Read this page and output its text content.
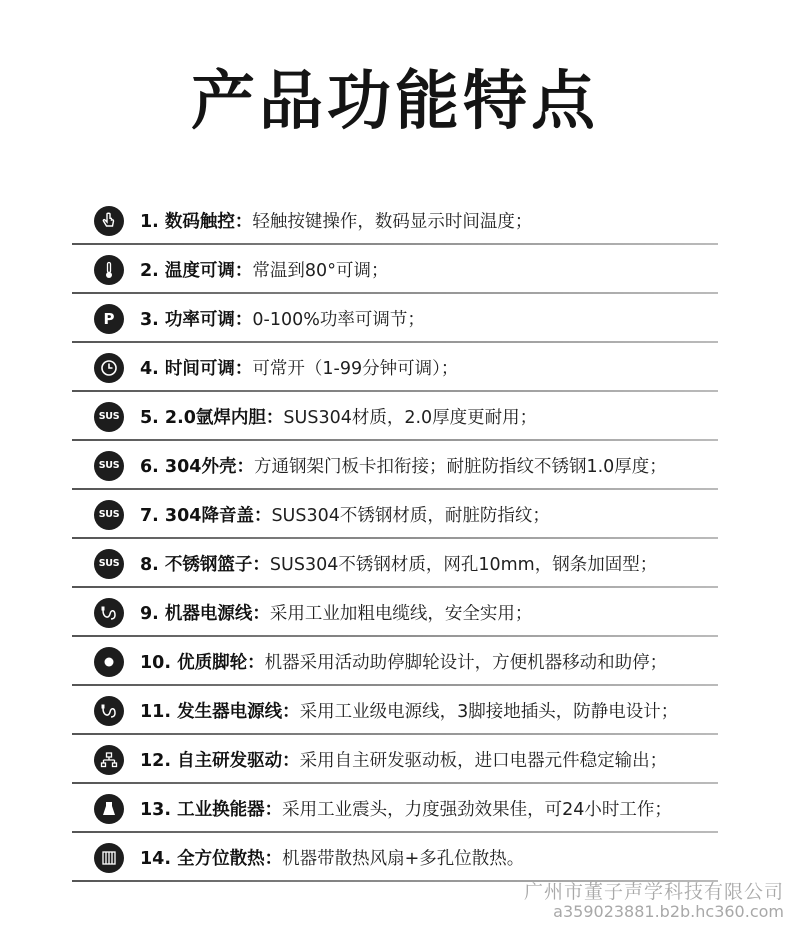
产品功能特点
1. 数码触控：轻触按键操作，数码显示时间温度；
2. 温度可调：常温到80°可调；
P	3. 功率可调：0-100%功率可调节；
4. 时间可调：可常开（1-99分钟可调）；
SUS 5. 2.0氩焊内胆：SUS304材质，2.0厚度更耐用；
SUS 6. 304外壳：方通钢架门板卡扣衔接；耐脏防指纹不锈钢1.0厚度；
SUS 7. 304降音盖：SUS304不锈钢材质，耐脏防指纹；
SUS 8. 不锈钢篮子：SUS304不锈钢材质，网孔10mm，钢条加固型；
9. 机器电源线：采用工业加粗电缆线，安全实用；
10. 优质脚轮：机器采用活动助停脚轮设计，方便机器移动和助停；
11. 发生器电源线：采用工业级电源线，3脚接地插头，防静电设计；
12. 自主研发驱动：采用自主研发驱动板，进口电器元件稳定输出；
13. 工业换能器：采用工业震头，力度强劲效果佳，可24小时工作；
14. 全方位散热：机器带散热风扇+多孔位散热。
广州市董子声学科技有限公司
a359023881.b2b.hc360.com
